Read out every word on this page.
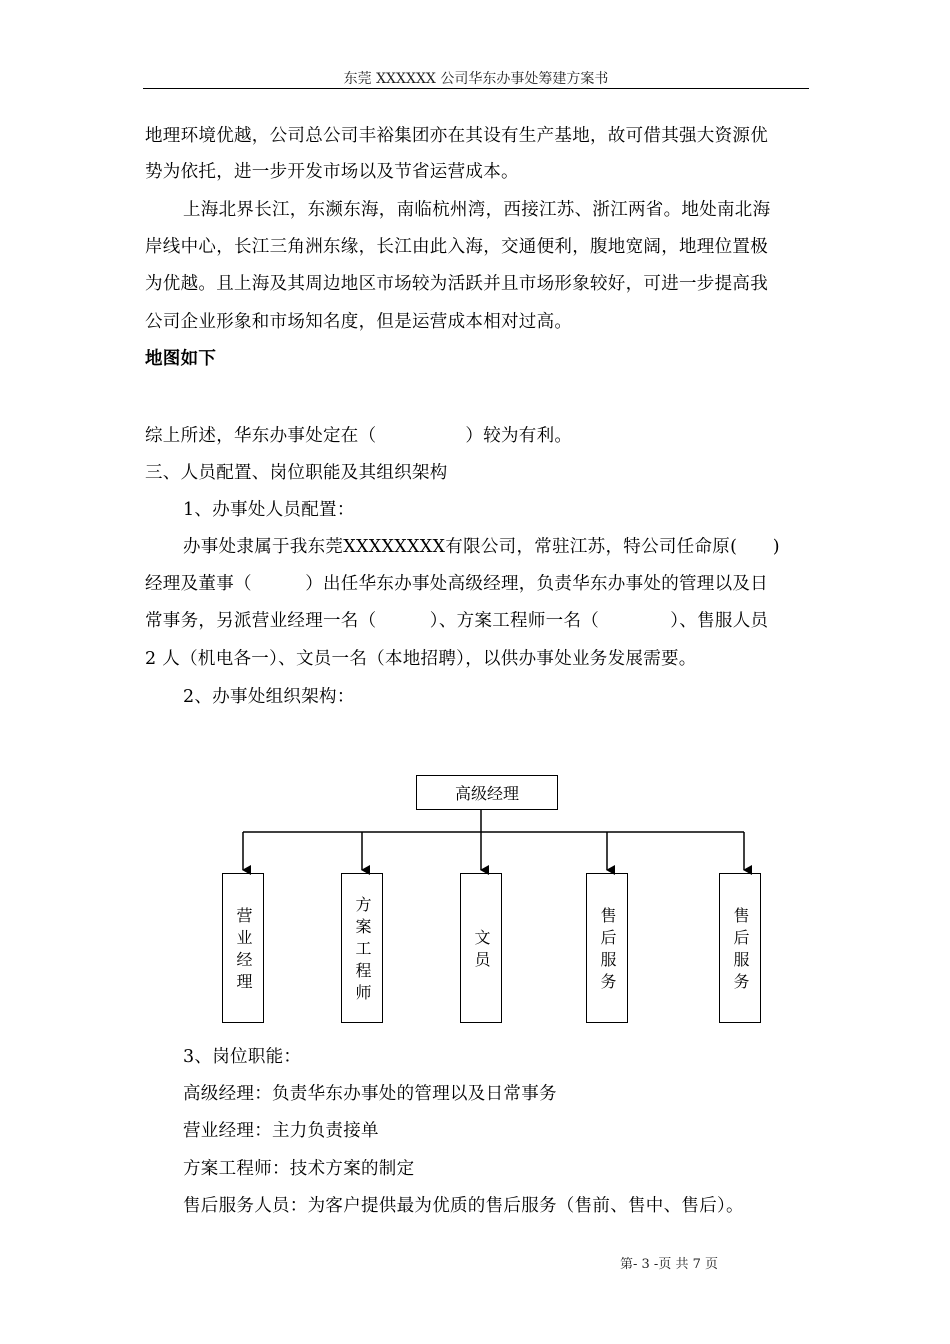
东莞 XXXXXX 公司华东办事处筹建方案书
地理环境优越，公司总公司丰裕集团亦在其设有生产基地，故可借其强大资源优
势为依托，进一步开发市场以及节省运营成本。
上海北界长江，东濒东海，南临杭州湾，西接江苏、浙江两省。地处南北海
岸线中心，长江三角洲东缘，长江由此入海，交通便利，腹地宽阔，地理位置极
为优越。且上海及其周边地区市场较为活跃并且市场形象较好，可进一步提高我
公司企业形象和市场知名度，但是运营成本相对过高。
地图如下
综上所述，华东办事处定在（　　　　　）较为有利。
三、人员配置、岗位职能及其组织架构
1、办事处人员配置：
办事处隶属于我东莞XXXXXXXX有限公司，常驻江苏，特公司任命原(　　)
经理及董事（　　　）出任华东办事处高级经理，负责华东办事处的管理以及日
常事务，另派营业经理一名（　　　）、方案工程师一名（　　　　）、售服人员
2 人（机电各一）、文员一名（本地招聘），以供办事处业务发展需要。
2、办事处组织架构：
3、岗位职能：
高级经理：负责华东办事处的管理以及日常事务
营业经理：主力负责接单
方案工程师：技术方案的制定
售后服务人员：为客户提供最为优质的售后服务（售前、售中、售后）。
高级经理
营业经理	方案工程师	文员	售后服务	售后服务
第- 3 -页 共 7 页
